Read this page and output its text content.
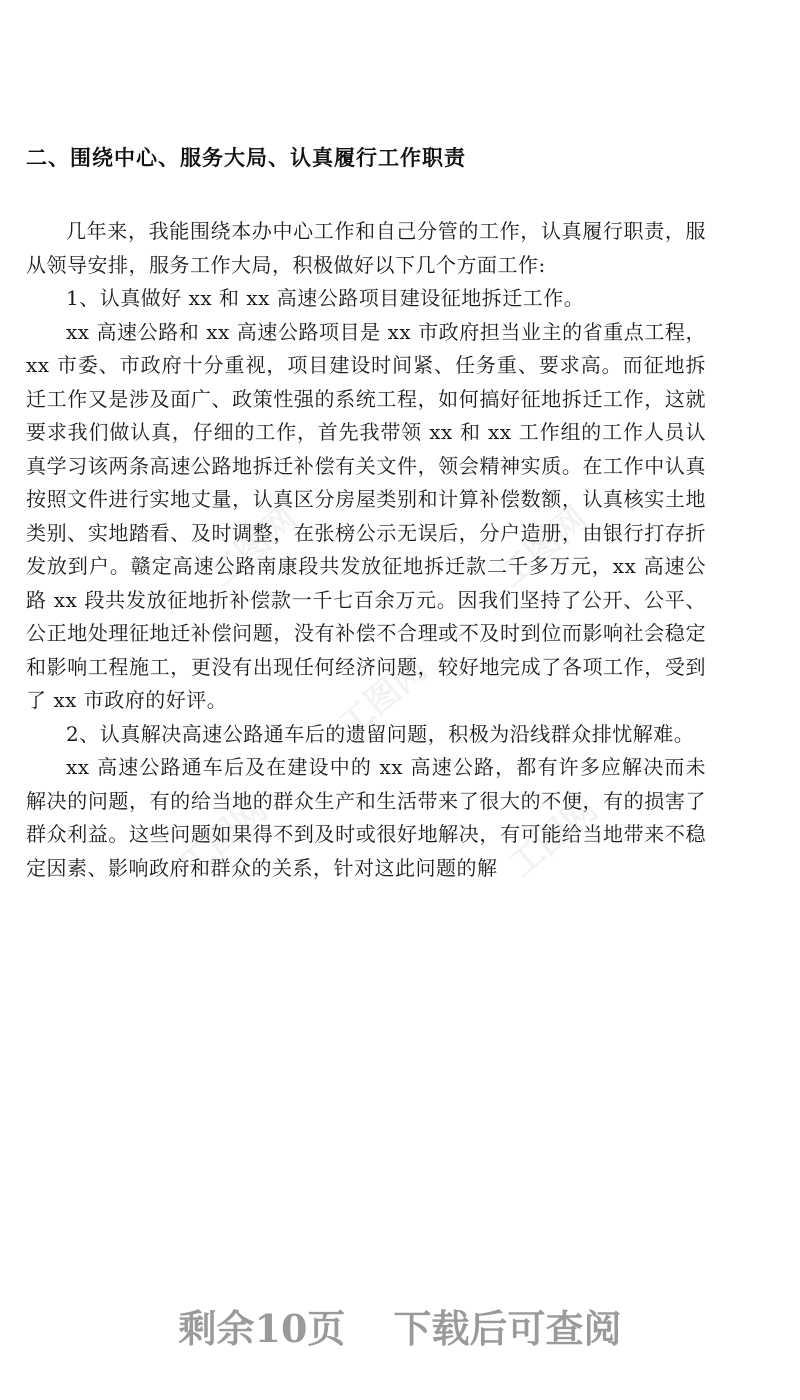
工图网	工图网
工图网
工图网	工图网
二、围绕中心、服务大局、认真履行工作职责

几年来，我能围绕本办中心工作和自己分管的工作，认真履行职责，服从领导安排，服务工作大局，积极做好以下几个方面工作:

1、认真做好 xx 和 xx 高速公路项目建设征地拆迁工作。

xx 高速公路和 xx 高速公路项目是 xx 市政府担当业主的省重点工程，xx 市委、市政府十分重视，项目建设时间紧、任务重、要求高。而征地拆迁工作又是涉及面广、政策性强的系统工程，如何搞好征地拆迁工作，这就要求我们做认真，仔细的工作，首先我带领 xx 和 xx 工作组的工作人员认真学习该两条高速公路地拆迁补偿有关文件，领会精神实质。在工作中认真按照文件进行实地丈量，认真区分房屋类别和计算补偿数额，认真核实土地类别、实地踏看、及时调整，在张榜公示无误后，分户造册，由银行打存折发放到户。赣定高速公路南康段共发放征地拆迁款二千多万元，xx 高速公路 xx 段共发放征地折补偿款一千七百余万元。因我们坚持了公开、公平、公正地处理征地迁补偿问题，没有补偿不合理或不及时到位而影响社会稳定和影响工程施工，更没有出现任何经济问题，较好地完成了各项工作，受到了 xx 市政府的好评。

2、认真解决高速公路通车后的遗留问题，积极为沿线群众排忧解难。

xx 高速公路通车后及在建设中的 xx 高速公路，都有许多应解决而未解决的问题，有的给当地的群众生产和生活带来了很大的不便，有的损害了群众利益。这些问题如果得不到及时或很好地解决，有可能给当地带来不稳定因素、影响政府和群众的关系，针对这此问题的解

剩余10页 下载后可查阅
